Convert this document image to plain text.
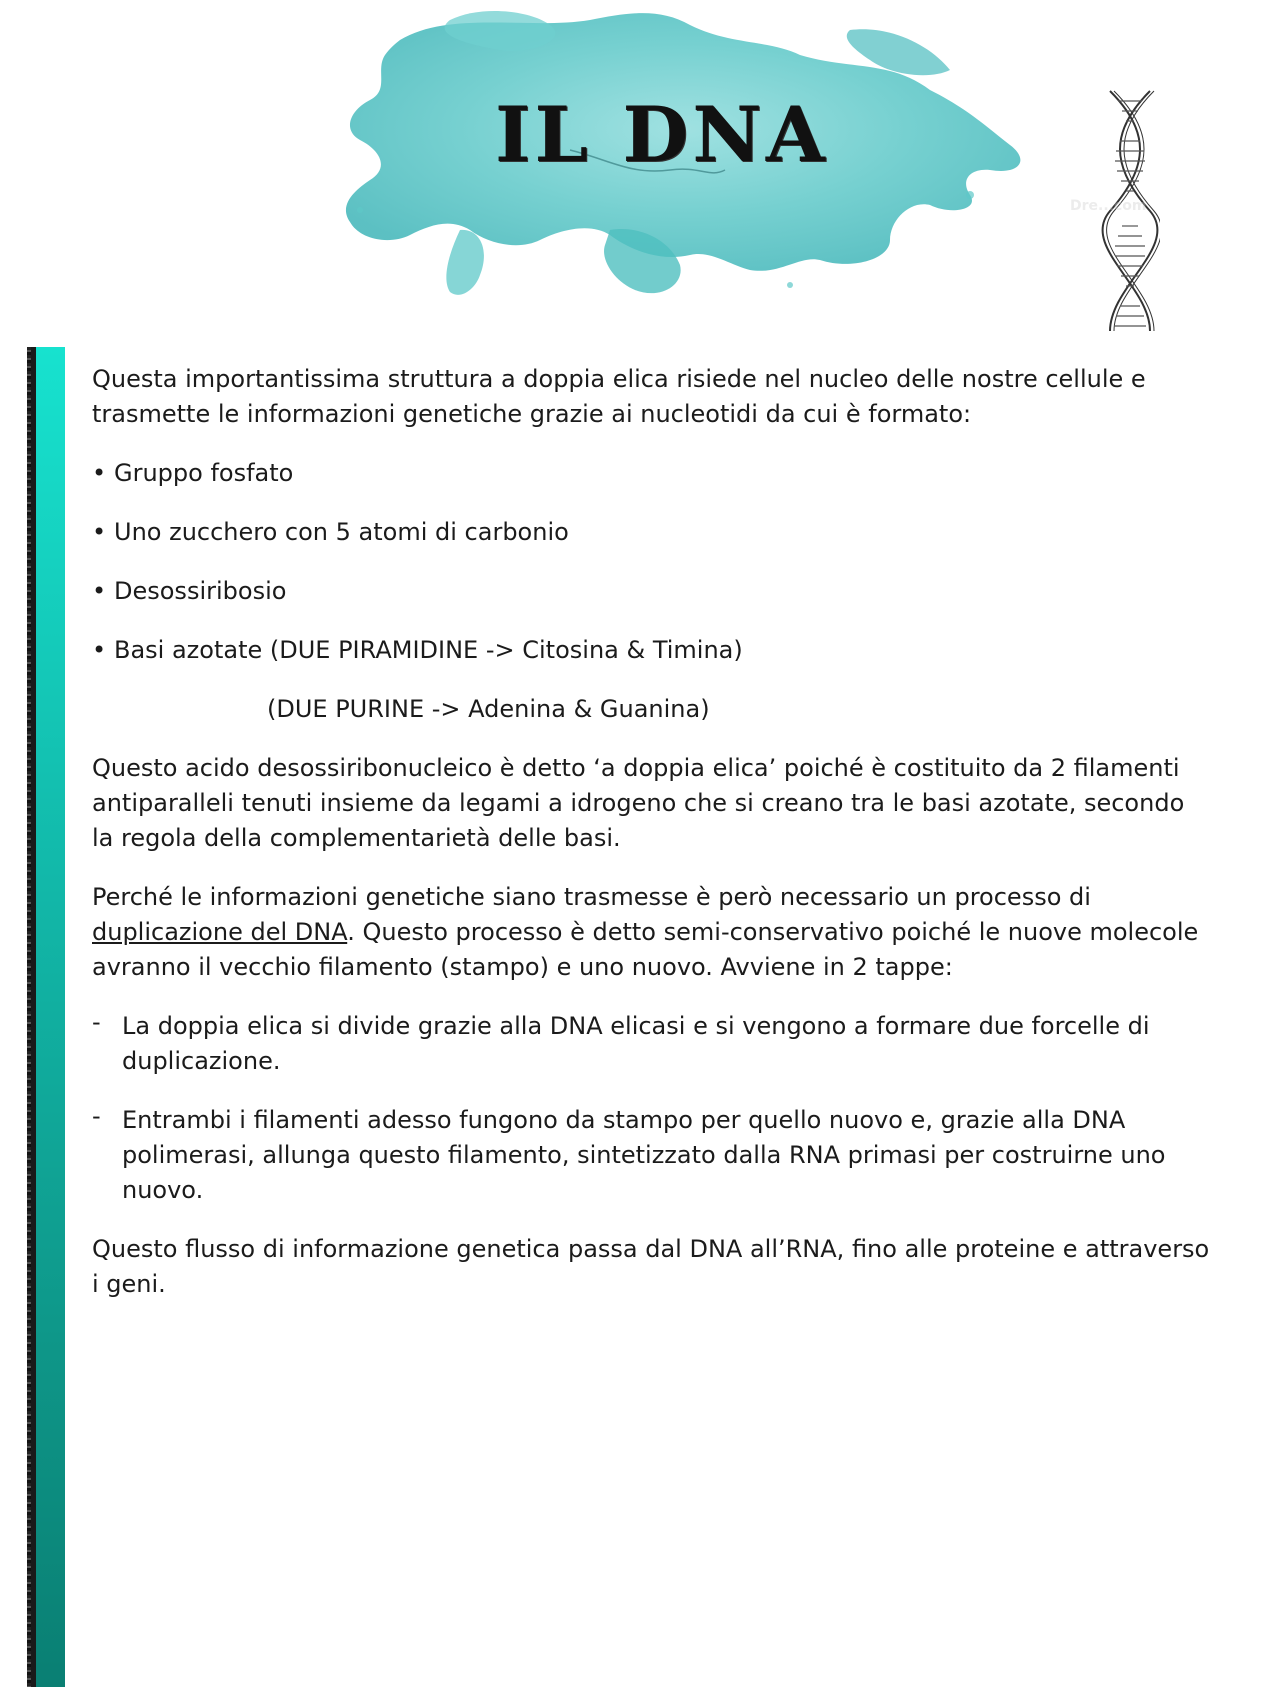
IL DNA
Dre...com

Questa importantissima struttura a doppia elica risiede nel nucleo delle nostre cellule e trasmette le informazioni genetiche grazie ai nucleotidi da cui è formato:

• Gruppo fosfato
• Uno zucchero con 5 atomi di carbonio
• Desossiribosio
• Basi azotate (DUE PIRAMIDINE -> Citosina & Timina)
(DUE PURINE -> Adenina & Guanina)

Questo acido desossiribonucleico è detto ‘a doppia elica’ poiché è costituito da 2 filamenti antiparalleli tenuti insieme da legami a idrogeno che si creano tra le basi azotate, secondo la regola della complementarietà delle basi.

Perché le informazioni genetiche siano trasmesse è però necessario un processo di duplicazione del DNA. Questo processo è detto semi-conservativo poiché le nuove molecole avranno il vecchio filamento (stampo) e uno nuovo. Avviene in 2 tappe:

- La doppia elica si divide grazie alla DNA elicasi e si vengono a formare due forcelle di duplicazione.
- Entrambi i filamenti adesso fungono da stampo per quello nuovo e, grazie alla DNA polimerasi, allunga questo filamento, sintetizzato dalla RNA primasi per costruirne uno nuovo.

Questo flusso di informazione genetica passa dal DNA all’RNA, fino alle proteine e attraverso i geni.
